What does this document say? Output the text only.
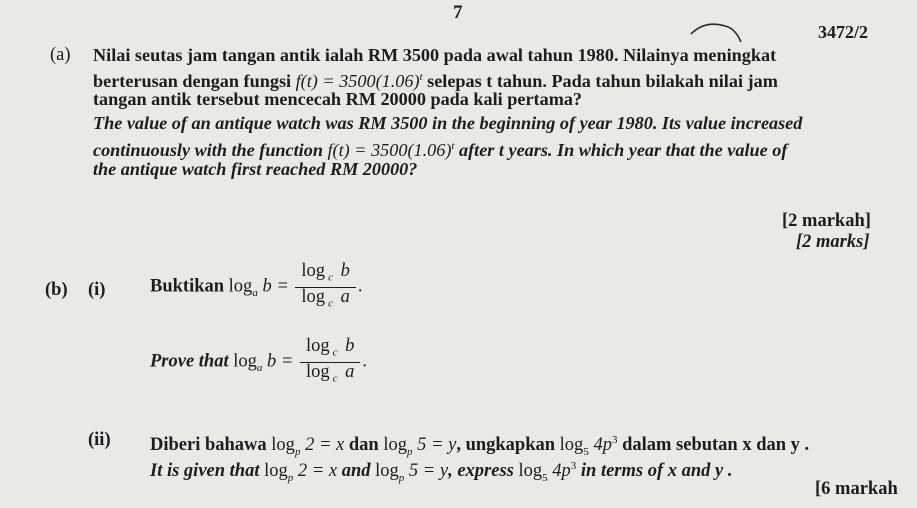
7
3472/2
(a) Nilai seutas jam tangan antik ialah RM 3500 pada awal tahun 1980. Nilainya meningkat
berterusan dengan fungsi $f(t) = 3500(1.06)^t$ selepas t tahun. Pada tahun bilakah nilai jam
tangan antik tersebut mencecah RM 20000 pada kali pertama?
The value of an antique watch was RM 3500 in the beginning of year 1980. Its value increased
continuously with the function $f(t) = 3500(1.06)^t$ after t years. In which year that the value of
the antique watch first reached RM 20000?
[2 markah]
[2 marks]
(b) (i) Buktikan $\log_a b = \frac{\log _c b}{\log _c a}$ .
Prove that $\log_a b = \frac{\log _c b}{\log _c a}$ .
(ii) Diberi bahawa $\log_p 2 = x$ dan $\log_p 5 = y$, ungkapkan $\log_5 4p^3$ dalam sebutan x dan y .
It is given that $\log_p 2 = x$ and $\log_p 5 = y$, express $\log_5 4p^3$ in terms of x and y .
[6 markah
